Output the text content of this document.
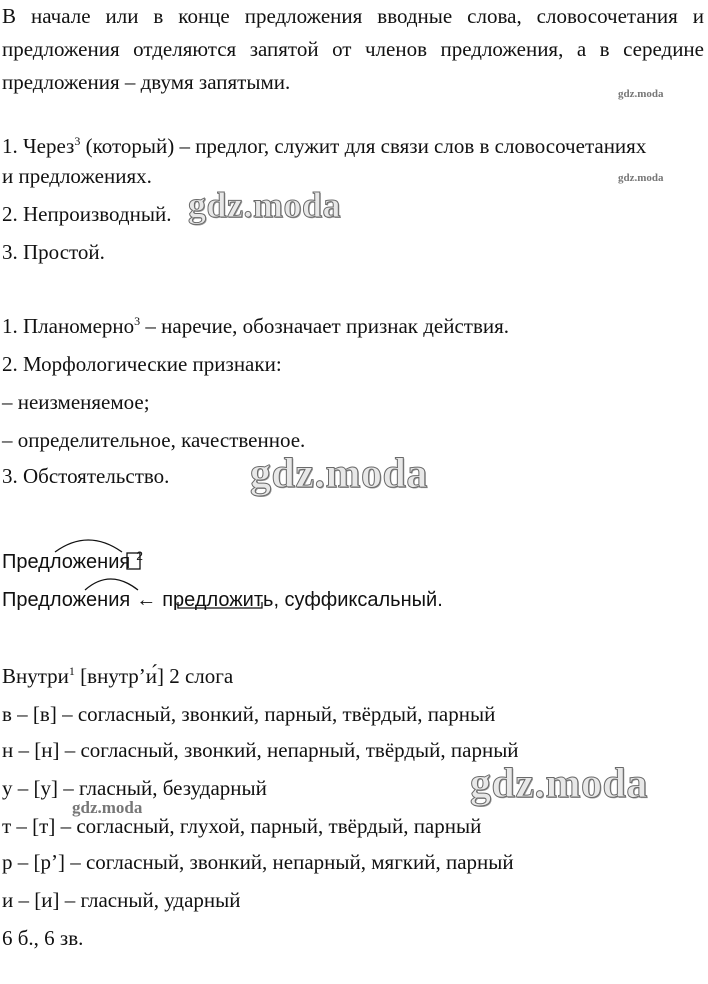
В начале или в конце предложения вводные слова, словосочетания и предложения отделяются запятой от членов предложения, а в середине предложения – двумя запятыми.	gdz.moda
1. Через$^3$ (который) – предлог, служит для связи слов в словосочетаниях
и предложениях.	gdz.moda
2. Непроизводный. gdz.moda
3. Простой.
1. Планомерно$^3$ – наречие, обозначает признак действия.
2. Морфологические признаки:
– неизменяемое;
– определительное, качественное.
3. Обстоятельство. gdz.moda
Предложения $^2$
Предложения ← предложить, суффиксальный.
Внутри$^1$ [внутр’и́] 2 слога
в – [в] – согласный, звонкий, парный, твёрдый, парный
н – [н] – согласный, звонкий, непарный, твёрдый, парный
у – [у] – гласный, безударный	gdz.moda
gdz.moda
т – [т] – согласный, глухой, парный, твёрдый, парный
р – [р’] – согласный, звонкий, непарный, мягкий, парный
и – [и] – гласный, ударный
6 б., 6 зв.
